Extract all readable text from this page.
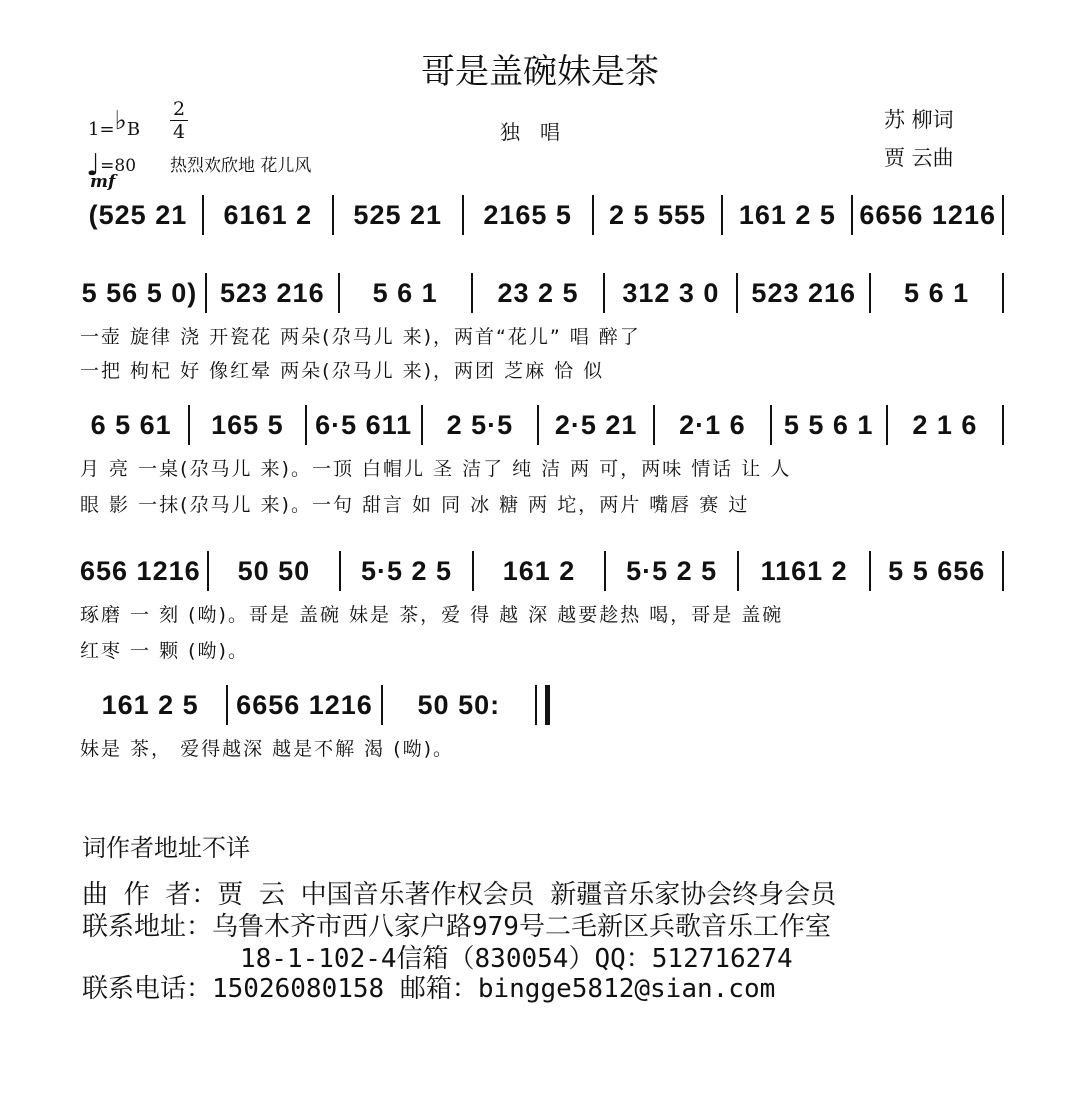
哥是盖碗妹是茶
1=♭B
2
4
♩=80
mf
热烈欢欣地 花儿风
独唱	苏 柳词
贾 云曲
(525 21	6161 2	525 21	2165 5	2 5 555	161 2 5 6656 1216
5 56 5 0) 523 216	5 6 1	23 2 5	312 3 0	523 216	5 6 1
一壶 旋律 浇 开瓷花 两朵(尕马儿 来)，两首“花儿” 唱 醉了
一把 枸杞 好 像红晕 两朵(尕马儿 来)，两团 芝麻 恰 似
6 5 61	165 5	6·5 611	2 5·5	2·5 21	2·1 6	5 5 6 1	2 1 6
月 亮 一桌(尕马儿 来)。一顶 白帽儿 圣 洁了 纯 洁 两 可，两味 情话 让 人
眼 影 一抹(尕马儿 来)。一句 甜言 如 同 冰 糖 两 坨，两片 嘴唇 赛 过
656 1216	50 50	5·5 2 5	161 2	5·5 2 5	1161 2	5 5 656
琢磨 一 刻 (呦)。哥是 盖碗 妹是 茶，爱 得 越 深 越要趁热 喝，哥是 盖碗
红枣 一 颗 (呦)。
161 2 5	6656 1216	50 50:
妹是 茶， 爱得越深 越是不解 渴 (呦)。
词作者地址不详
曲 作 者：贾 云 中国音乐著作权会员 新疆音乐家协会终身会员
联系地址：乌鲁木齐市西八家户路979号二毛新区兵歌音乐工作室
18-1-102-4信箱（830054）QQ：512716274
联系电话：15026080158 邮箱：bingge5812@sian.com
